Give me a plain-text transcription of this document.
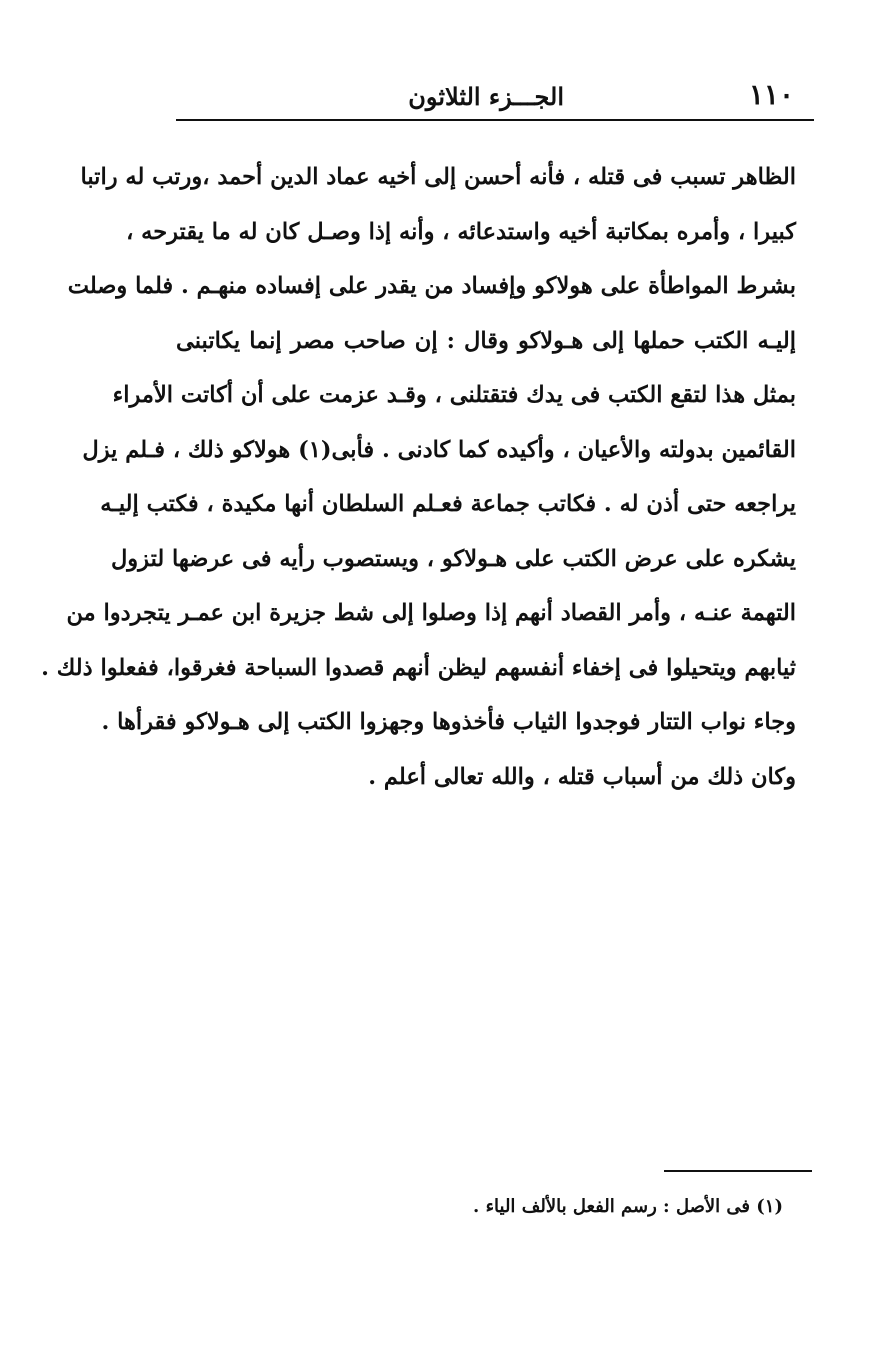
١١٠
الجـــزء الثلاثون
الظاهر تسبب فى قتله ، فأنه أحسن إلى أخيه عماد الدين أحمد ،ورتب له راتبا
كبيرا ، وأمره بمكاتبة أخيه واستدعائه ، وأنه إذا وصـل كان له ما يقترحه ،
بشرط المواطأة على هولاكو وإفساد من يقدر على إفساده منهـم . فلما وصلت
إليـه الكتب حملها إلى هـولاكو وقال : إن صاحب مصر إنما يكاتبنى
بمثل هذا لتقع الكتب فى يدك فتقتلنى ، وقـد عزمت على أن أكاتت الأمراء
القائمين بدولته والأعيان ، وأكيده كما كادنى . فأبى(١) هولاكو ذلك ، فـلم يزل
يراجعه حتى أذن له . فكاتب جماعة فعـلم السلطان أنها مكيدة ، فكتب إليـه
يشكره على عرض الكتب على هـولاكو ، ويستصوب رأيه فى عرضها لتزول
التهمة عنـه ، وأمر القصاد أنهم إذا وصلوا إلى شط جزيرة ابن عمـر يتجردوا من
ثيابهم ويتحيلوا فى إخفاء أنفسهم ليظن أنهم قصدوا السباحة فغرقوا، ففعلوا ذلك .
وجاء نواب التتار فوجدوا الثياب فأخذوها وجهزوا الكتب إلى هـولاكو فقرأها .
وكان ذلك من أسباب قتله ، والله تعالى أعلم .
(١) فى الأصل : رسم الفعل بالألف الياء .
